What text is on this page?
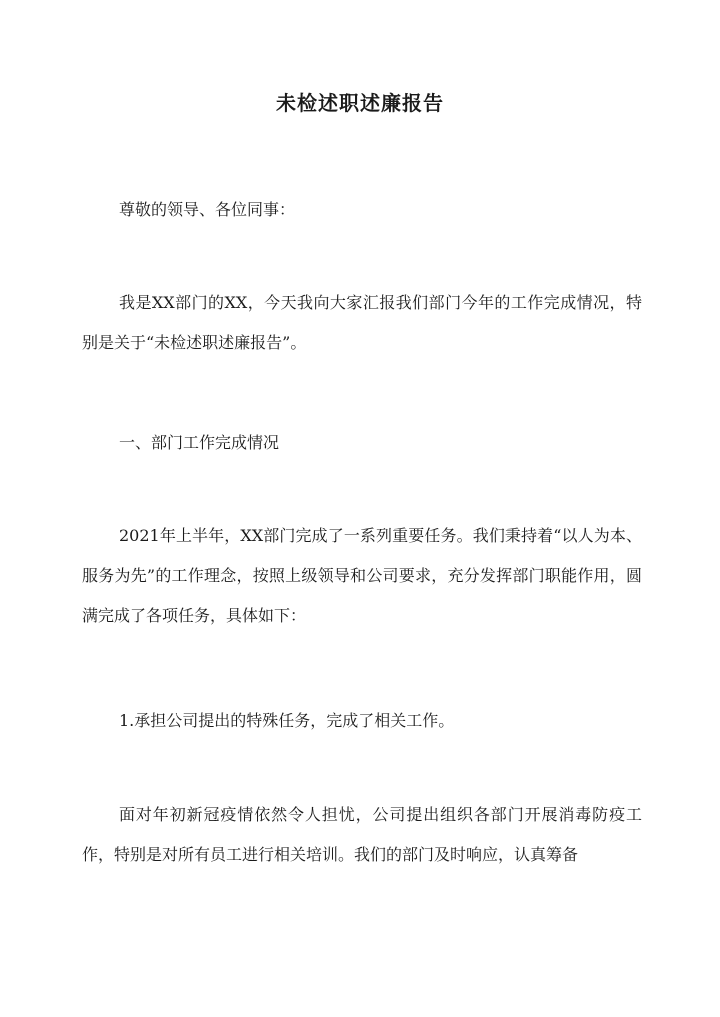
未检述职述廉报告
尊敬的领导、各位同事：
我是XX部门的XX，今天我向大家汇报我们部门今年的工作完成情况，特别是关于“未检述职述廉报告”。
一、部门工作完成情况
2021年上半年，XX部门完成了一系列重要任务。我们秉持着“以人为本、服务为先”的工作理念，按照上级领导和公司要求，充分发挥部门职能作用，圆满完成了各项任务，具体如下：
1.承担公司提出的特殊任务，完成了相关工作。
面对年初新冠疫情依然令人担忧，公司提出组织各部门开展消毒防疫工作，特别是对所有员工进行相关培训。我们的部门及时响应，认真筹备
